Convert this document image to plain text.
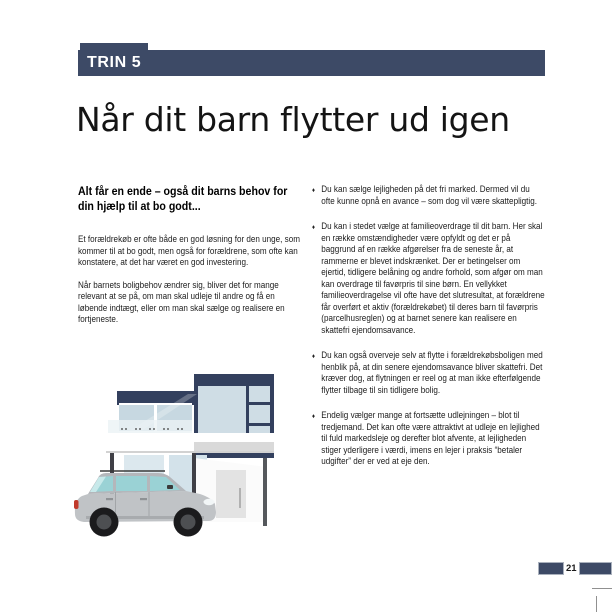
TRIN 5
Når dit barn flytter ud igen
Alt får en ende – også dit barns behov for din hjælp til at bo godt...

Et forældrekøb er ofte både en god løsning for den unge, som kommer til at bo godt, men også for forældrene, som ofte kan konstatere, at det har været en god investering.

Når barnets boligbehov ændrer sig, bliver det for mange relevant at se på, om man skal udleje til andre og få en løbende indtægt, eller om man skal sælge og realisere en fortjeneste.

♦ Du kan sælge lejligheden på det fri marked. Dermed vil du ofte kunne opnå en avance – som dog vil være skattepligtig.
♦ Du kan i stedet vælge at familieoverdrage til dit barn. Her skal en række omstændigheder være opfyldt og det er på baggrund af en række afgørelser fra de seneste år, at rammerne er blevet indskrænket. Der er betingelser om ejertid, tidligere belåning og andre forhold, som afgør om man kan overdrage til favørpris til sine børn. En vellykket familieoverdragelse vil ofte have det slutresultat, at forældrene får overført et aktiv (forældrekøbet) til deres barn til favørpris (parcelhusreglen) og at barnet senere kan realisere en skattefri ejendomsavance.
♦ Du kan også overveje selv at flytte i forældrekøbsboligen med henblik på, at din senere ejendomsavance bliver skattefri. Det kræver dog, at flytningen er reel og at man ikke efterfølgende flytter tilbage til sin tidligere bolig.
♦ Endelig vælger mange at fortsætte udlejningen – blot til tredjemand. Det kan ofte være attraktivt at udleje en lejlighed til fuld markedsleje og derefter blot afvente, at lejligheden stiger yderligere i værdi, imens en lejer i praksis “betaler udgifter” der er ved at eje den.
21
